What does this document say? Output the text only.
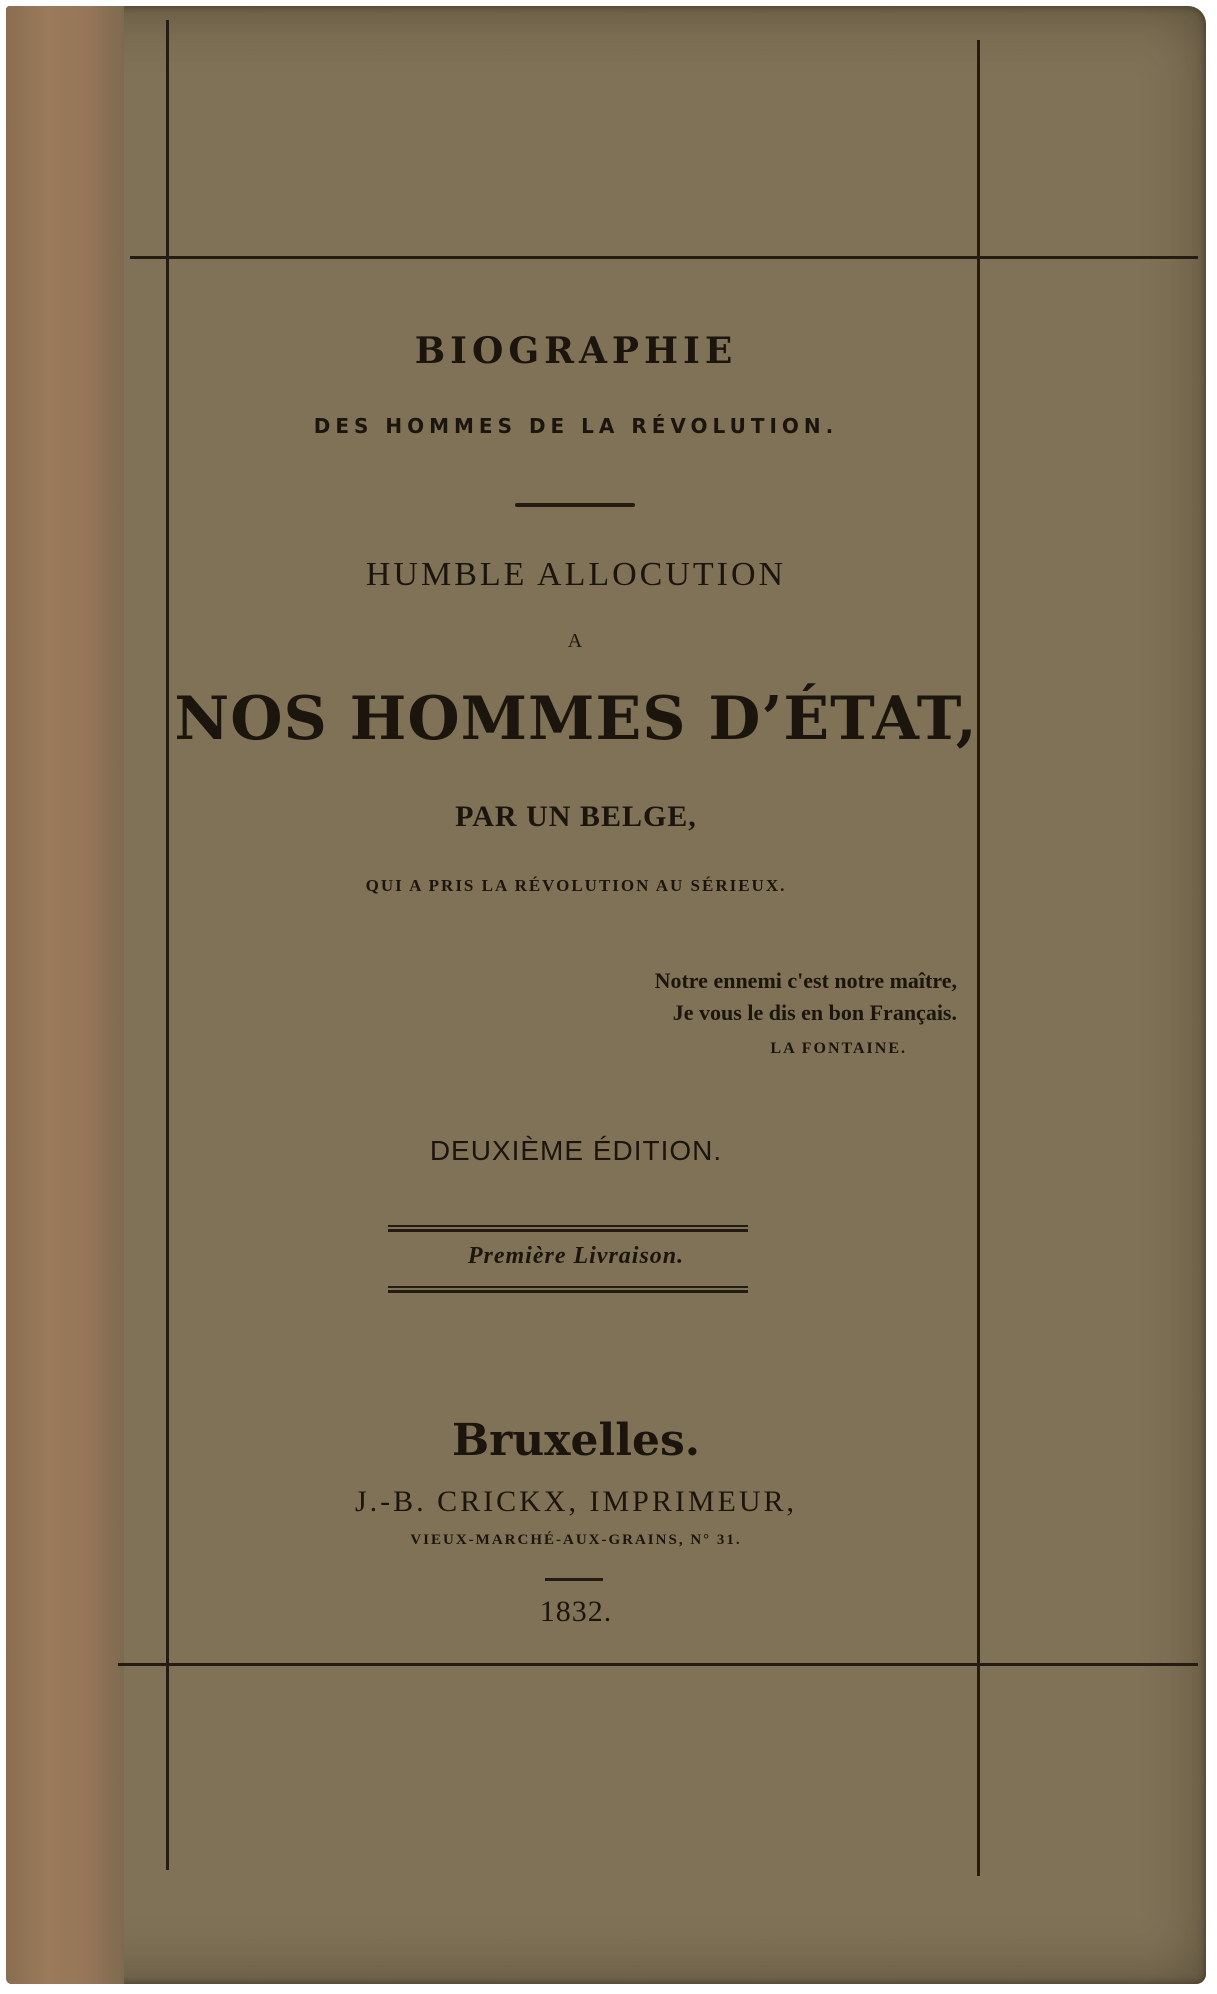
BIOGRAPHIE
DES HOMMES DE LA RÉVOLUTION.
HUMBLE ALLOCUTION
A
NOS HOMMES D’ÉTAT,
PAR UN BELGE,
QUI A PRIS LA RÉVOLUTION AU SÉRIEUX.
Notre ennemi c'est notre maître,
Je vous le dis en bon Français.
LA FONTAINE.
DEUXIÈME ÉDITION.
Première Livraison.
Bruxelles.
J.-B. CRICKX, IMPRIMEUR,
VIEUX-MARCHÉ-AUX-GRAINS, N° 31.
1832.
